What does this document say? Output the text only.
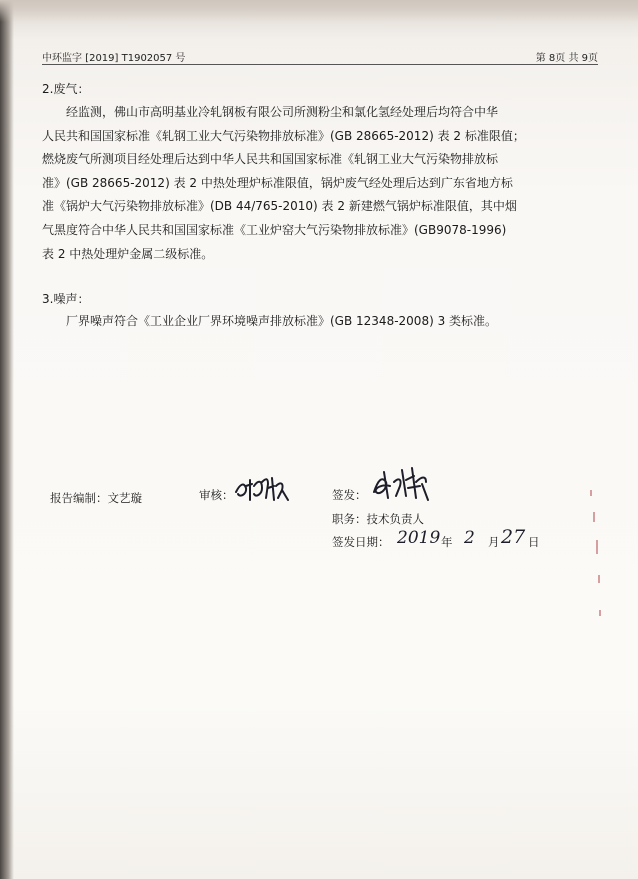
中环监字 [2019] T1902057 号	第 8页 共 9页
2.废气：
经监测，佛山市高明基业冷轧钢板有限公司所测粉尘和氯化氢经处理后均符合中华
人民共和国国家标准《轧钢工业大气污染物排放标准》(GB 28665-2012) 表 2 标准限值；
燃烧废气所测项目经处理后达到中华人民共和国国家标准《轧钢工业大气污染物排放标
准》(GB 28665-2012) 表 2 中热处理炉标准限值，锅炉废气经处理后达到广东省地方标
准《锅炉大气污染物排放标准》(DB 44/765-2010) 表 2 新建燃气锅炉标准限值，其中烟
气黑度符合中华人民共和国国家标准《工业炉窑大气污染物排放标准》(GB9078-1996)
表 2 中热处理炉金属二级标准。
3.噪声：
厂界噪声符合《工业企业厂界环境噪声排放标准》(GB 12348-2008) 3 类标准。
报告编制：文艺璇	审核：	签发：
职务：技术负责人
签发日期： 2019 年 2 月 27 日
